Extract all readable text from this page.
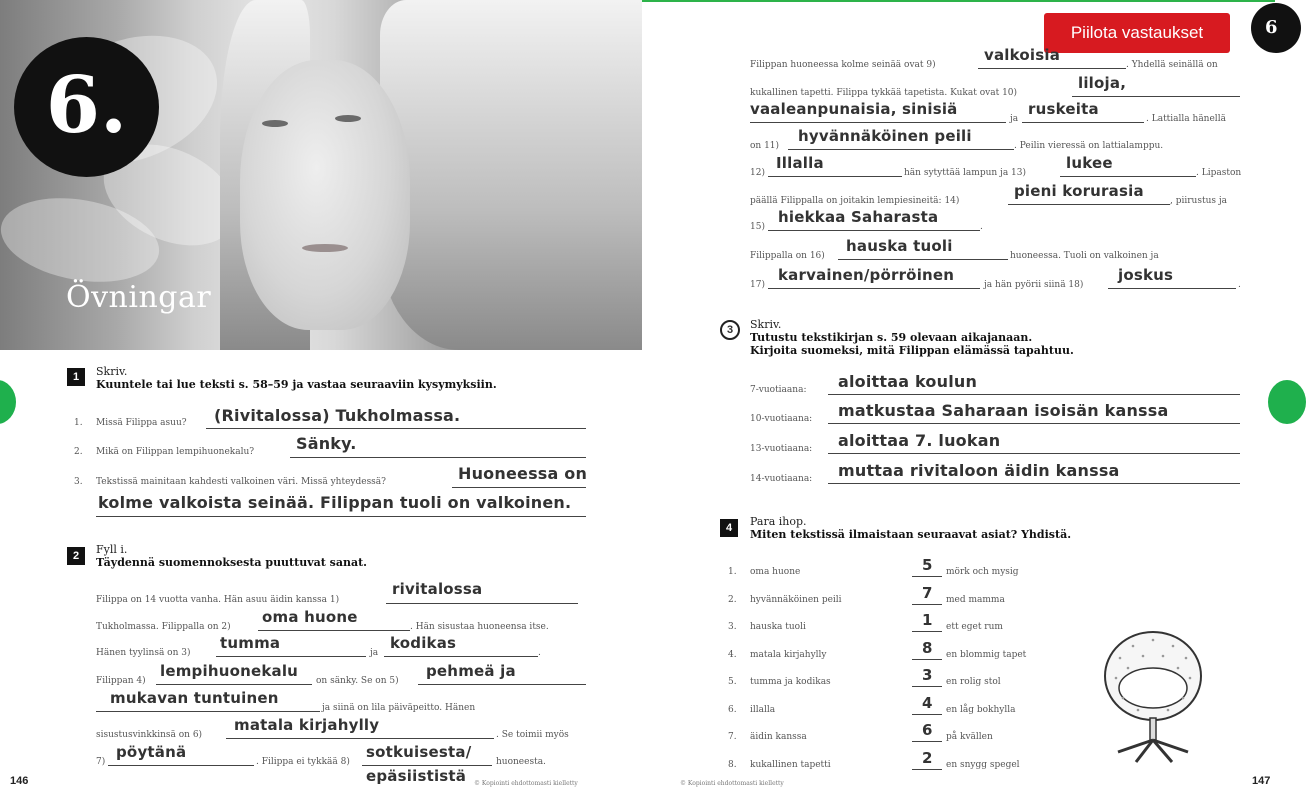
6.
Övningar
1	Skriv.
Kuuntele tai lue teksti s. 58–59 ja vastaa seuraaviin kysymyksiin.
1. Missä Filippa asuu? (Rivitalossa) Tukholmassa.
2. Mikä on Filippan lempihuonekalu?	Sänky.
3. Tekstissä mainitaan kahdesti valkoinen väri. Missä yhteydessä?	Huoneessa on
kolme valkoista seinää. Filippan tuoli on valkoinen.
2	Fyll i.
Täydennä suomennoksesta puuttuvat sanat.
Filippa on 14 vuotta vanha. Hän asuu äidin kanssa 1)
rivitalossa
Tukholmassa. Filippalla on 2)
oma huone
. Hän sisustaa huoneensa itse.
Hänen tyylinsä on 3)
tumma
ja
kodikas
.
Filippan 4)
lempihuonekalu
on sänky. Se on 5)
pehmeä ja
mukavan tuntuinen
ja siinä on lila päiväpeitto. Hänen
sisustusvinkkinsä on 6)
matala kirjahylly
. Se toimii myös
7)
pöytänä
. Filippa ei tykkää 8)
sotkuisesta/
huoneesta.
epäsiististä
146	© Kopiointi ehdottomasti kielletty
Piilota vastaukset	6
Filippan huoneessa kolme seinää ovat 9)
valkoisia
. Yhdellä seinällä on
kukallinen tapetti. Filippa tykkää tapetista. Kukat ovat 10)
liloja,
vaaleanpunaisia, sinisiä
ja
ruskeita
. Lattialla hänellä
on 11)
hyvännäköinen peili
. Peilin vieressä on lattialamppu.
12)
Illalla
hän sytyttää lampun ja 13)
lukee
. Lipaston
päällä Filippalla on joitakin lempiesineitä: 14)
pieni korurasia
, piirustus ja
15)
hiekkaa Saharasta
.
Filippalla on 16)
hauska tuoli
huoneessa. Tuoli on valkoinen ja
17)
karvainen/pörröinen
ja hän pyörii siinä 18)
joskus
.
3	Skriv.
Tutustu tekstikirjan s. 59 olevaan aikajanaan.
Kirjoita suomeksi, mitä Filippan elämässä tapahtuu.
7-vuotiaana: aloittaa koulun
10-vuotiaana: matkustaa Saharaan isoisän kanssa
13-vuotiaana: aloittaa 7. luokan
14-vuotiaana: muttaa rivitaloon äidin kanssa
4	Para ihop.
Miten tekstissä ilmaistaan seuraavat asiat? Yhdistä.
1. oma huone	5 mörk och mysig
2. hyvännäköinen peili	7 med mamma
3. hauska tuoli	1 ett eget rum
4. matala kirjahylly	8 en blommig tapet
5. tumma ja kodikas	3 en rolig stol
6. illalla	4 en låg bokhylla
7. äidin kanssa	6 på kvällen
8. kukallinen tapetti	2 en snygg spegel
147
© Kopiointi ehdottomasti kielletty
